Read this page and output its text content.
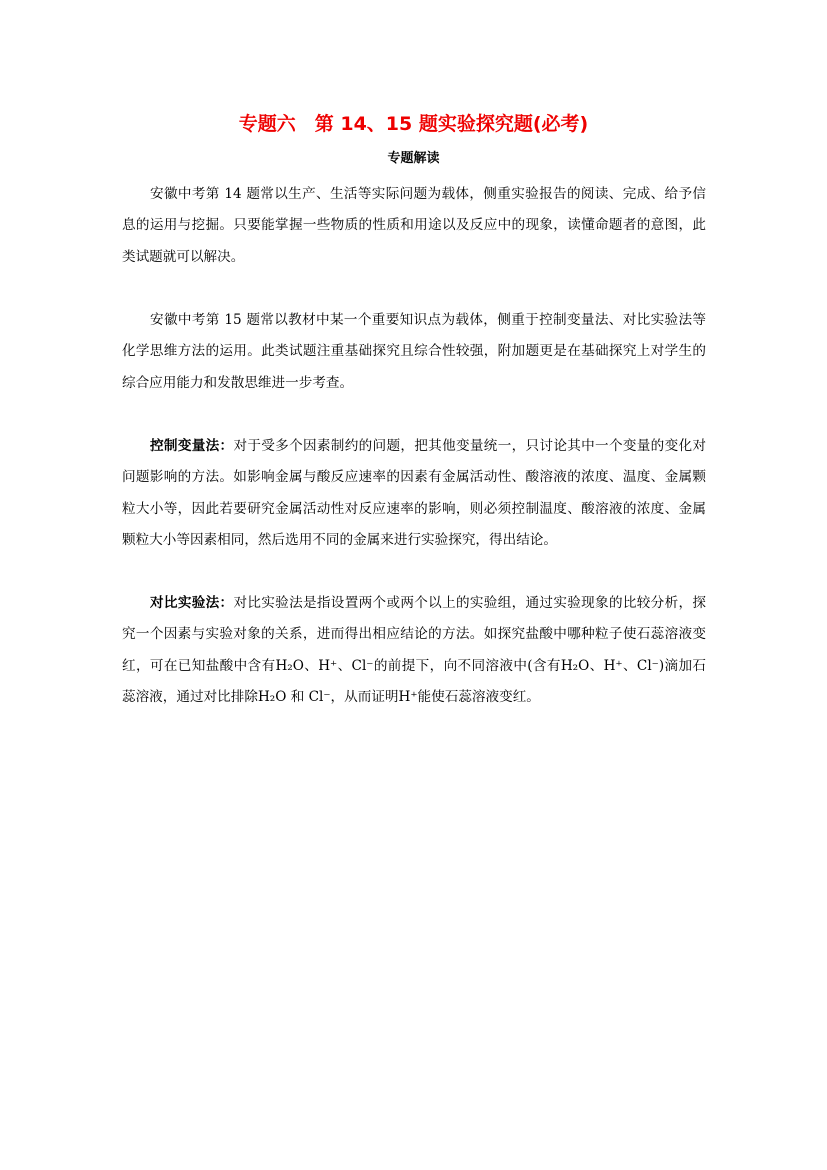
专题六　第 14、15 题实验探究题(必考)
专题解读

安徽中考第 14 题常以生产、生活等实际问题为载体，侧重实验报告的阅读、完成、给予信息的运用与挖掘。只要能掌握一些物质的性质和用途以及反应中的现象，读懂命题者的意图，此类试题就可以解决。

安徽中考第 15 题常以教材中某一个重要知识点为载体，侧重于控制变量法、对比实验法等化学思维方法的运用。此类试题注重基础探究且综合性较强，附加题更是在基础探究上对学生的综合应用能力和发散思维进一步考查。

控制变量法：对于受多个因素制约的问题，把其他变量统一，只讨论其中一个变量的变化对问题影响的方法。如影响金属与酸反应速率的因素有金属活动性、酸溶液的浓度、温度、金属颗粒大小等，因此若要研究金属活动性对反应速率的影响，则必须控制温度、酸溶液的浓度、金属颗粒大小等因素相同，然后选用不同的金属来进行实验探究，得出结论。

对比实验法：对比实验法是指设置两个或两个以上的实验组，通过实验现象的比较分析，探究一个因素与实验对象的关系，进而得出相应结论的方法。如探究盐酸中哪种粒子使石蕊溶液变红，可在已知盐酸中含有H₂O、H⁺、Cl⁻的前提下，向不同溶液中(含有H₂O、H⁺、Cl⁻)滴加石蕊溶液，通过对比排除H₂O 和 Cl⁻，从而证明H⁺能使石蕊溶液变红。
